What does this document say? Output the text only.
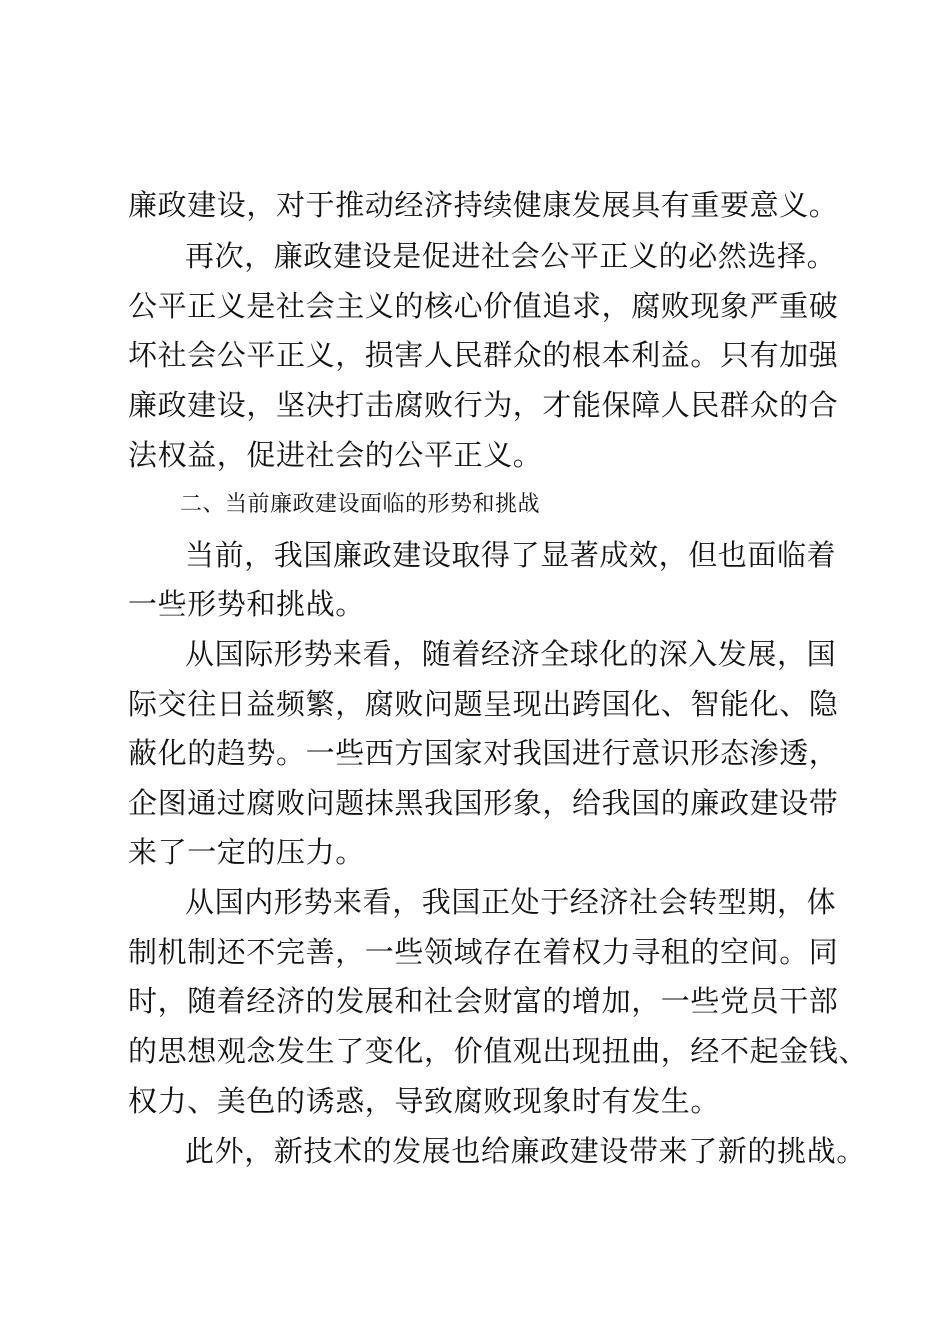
廉政建设，对于推动经济持续健康发展具有重要意义。
再次，廉政建设是促进社会公平正义的必然选择。
公平正义是社会主义的核心价值追求，腐败现象严重破
坏社会公平正义，损害人民群众的根本利益。只有加强
廉政建设，坚决打击腐败行为，才能保障人民群众的合
法权益，促进社会的公平正义。
二、当前廉政建设面临的形势和挑战
当前，我国廉政建设取得了显著成效，但也面临着
一些形势和挑战。
从国际形势来看，随着经济全球化的深入发展，国
际交往日益频繁，腐败问题呈现出跨国化、智能化、隐
蔽化的趋势。一些西方国家对我国进行意识形态渗透，
企图通过腐败问题抹黑我国形象，给我国的廉政建设带
来了一定的压力。
从国内形势来看，我国正处于经济社会转型期，体
制机制还不完善，一些领域存在着权力寻租的空间。同
时，随着经济的发展和社会财富的增加，一些党员干部
的思想观念发生了变化，价值观出现扭曲，经不起金钱、
权力、美色的诱惑，导致腐败现象时有发生。
此外，新技术的发展也给廉政建设带来了新的挑战。
